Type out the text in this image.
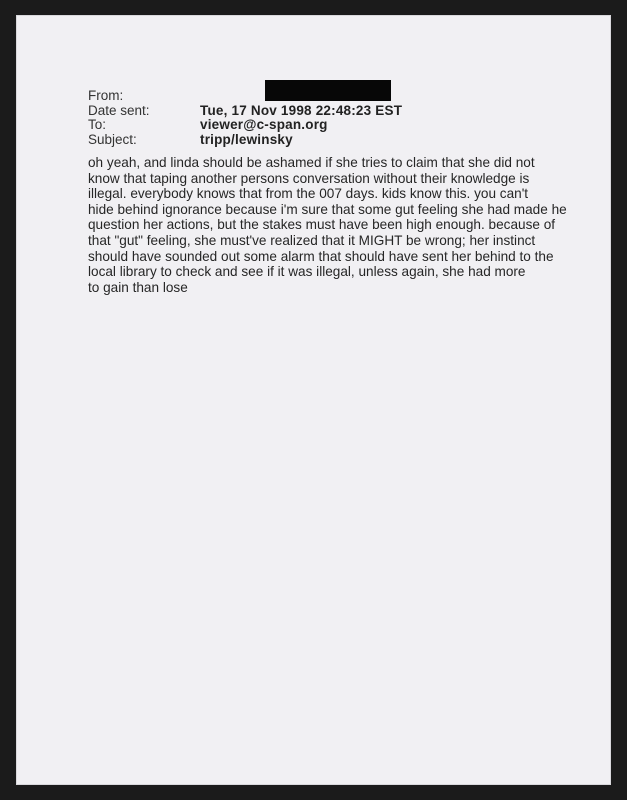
From:
Date sent:	Tue, 17 Nov 1998 22:48:23 EST
To:	viewer@c-span.org
Subject:	tripp/lewinsky
oh yeah, and linda should be ashamed if she tries to claim that she did not
know that taping another persons conversation without their knowledge is
illegal. everybody knows that from the 007 days. kids know this. you can't
hide behind ignorance because i'm sure that some gut feeling she had made he
question her actions, but the stakes must have been high enough. because of
that "gut" feeling, she must've realized that it MIGHT be wrong; her instinct
should have sounded out some alarm that should have sent her behind to the
local library to check and see if it was illegal, unless again, she had more
to gain than lose
